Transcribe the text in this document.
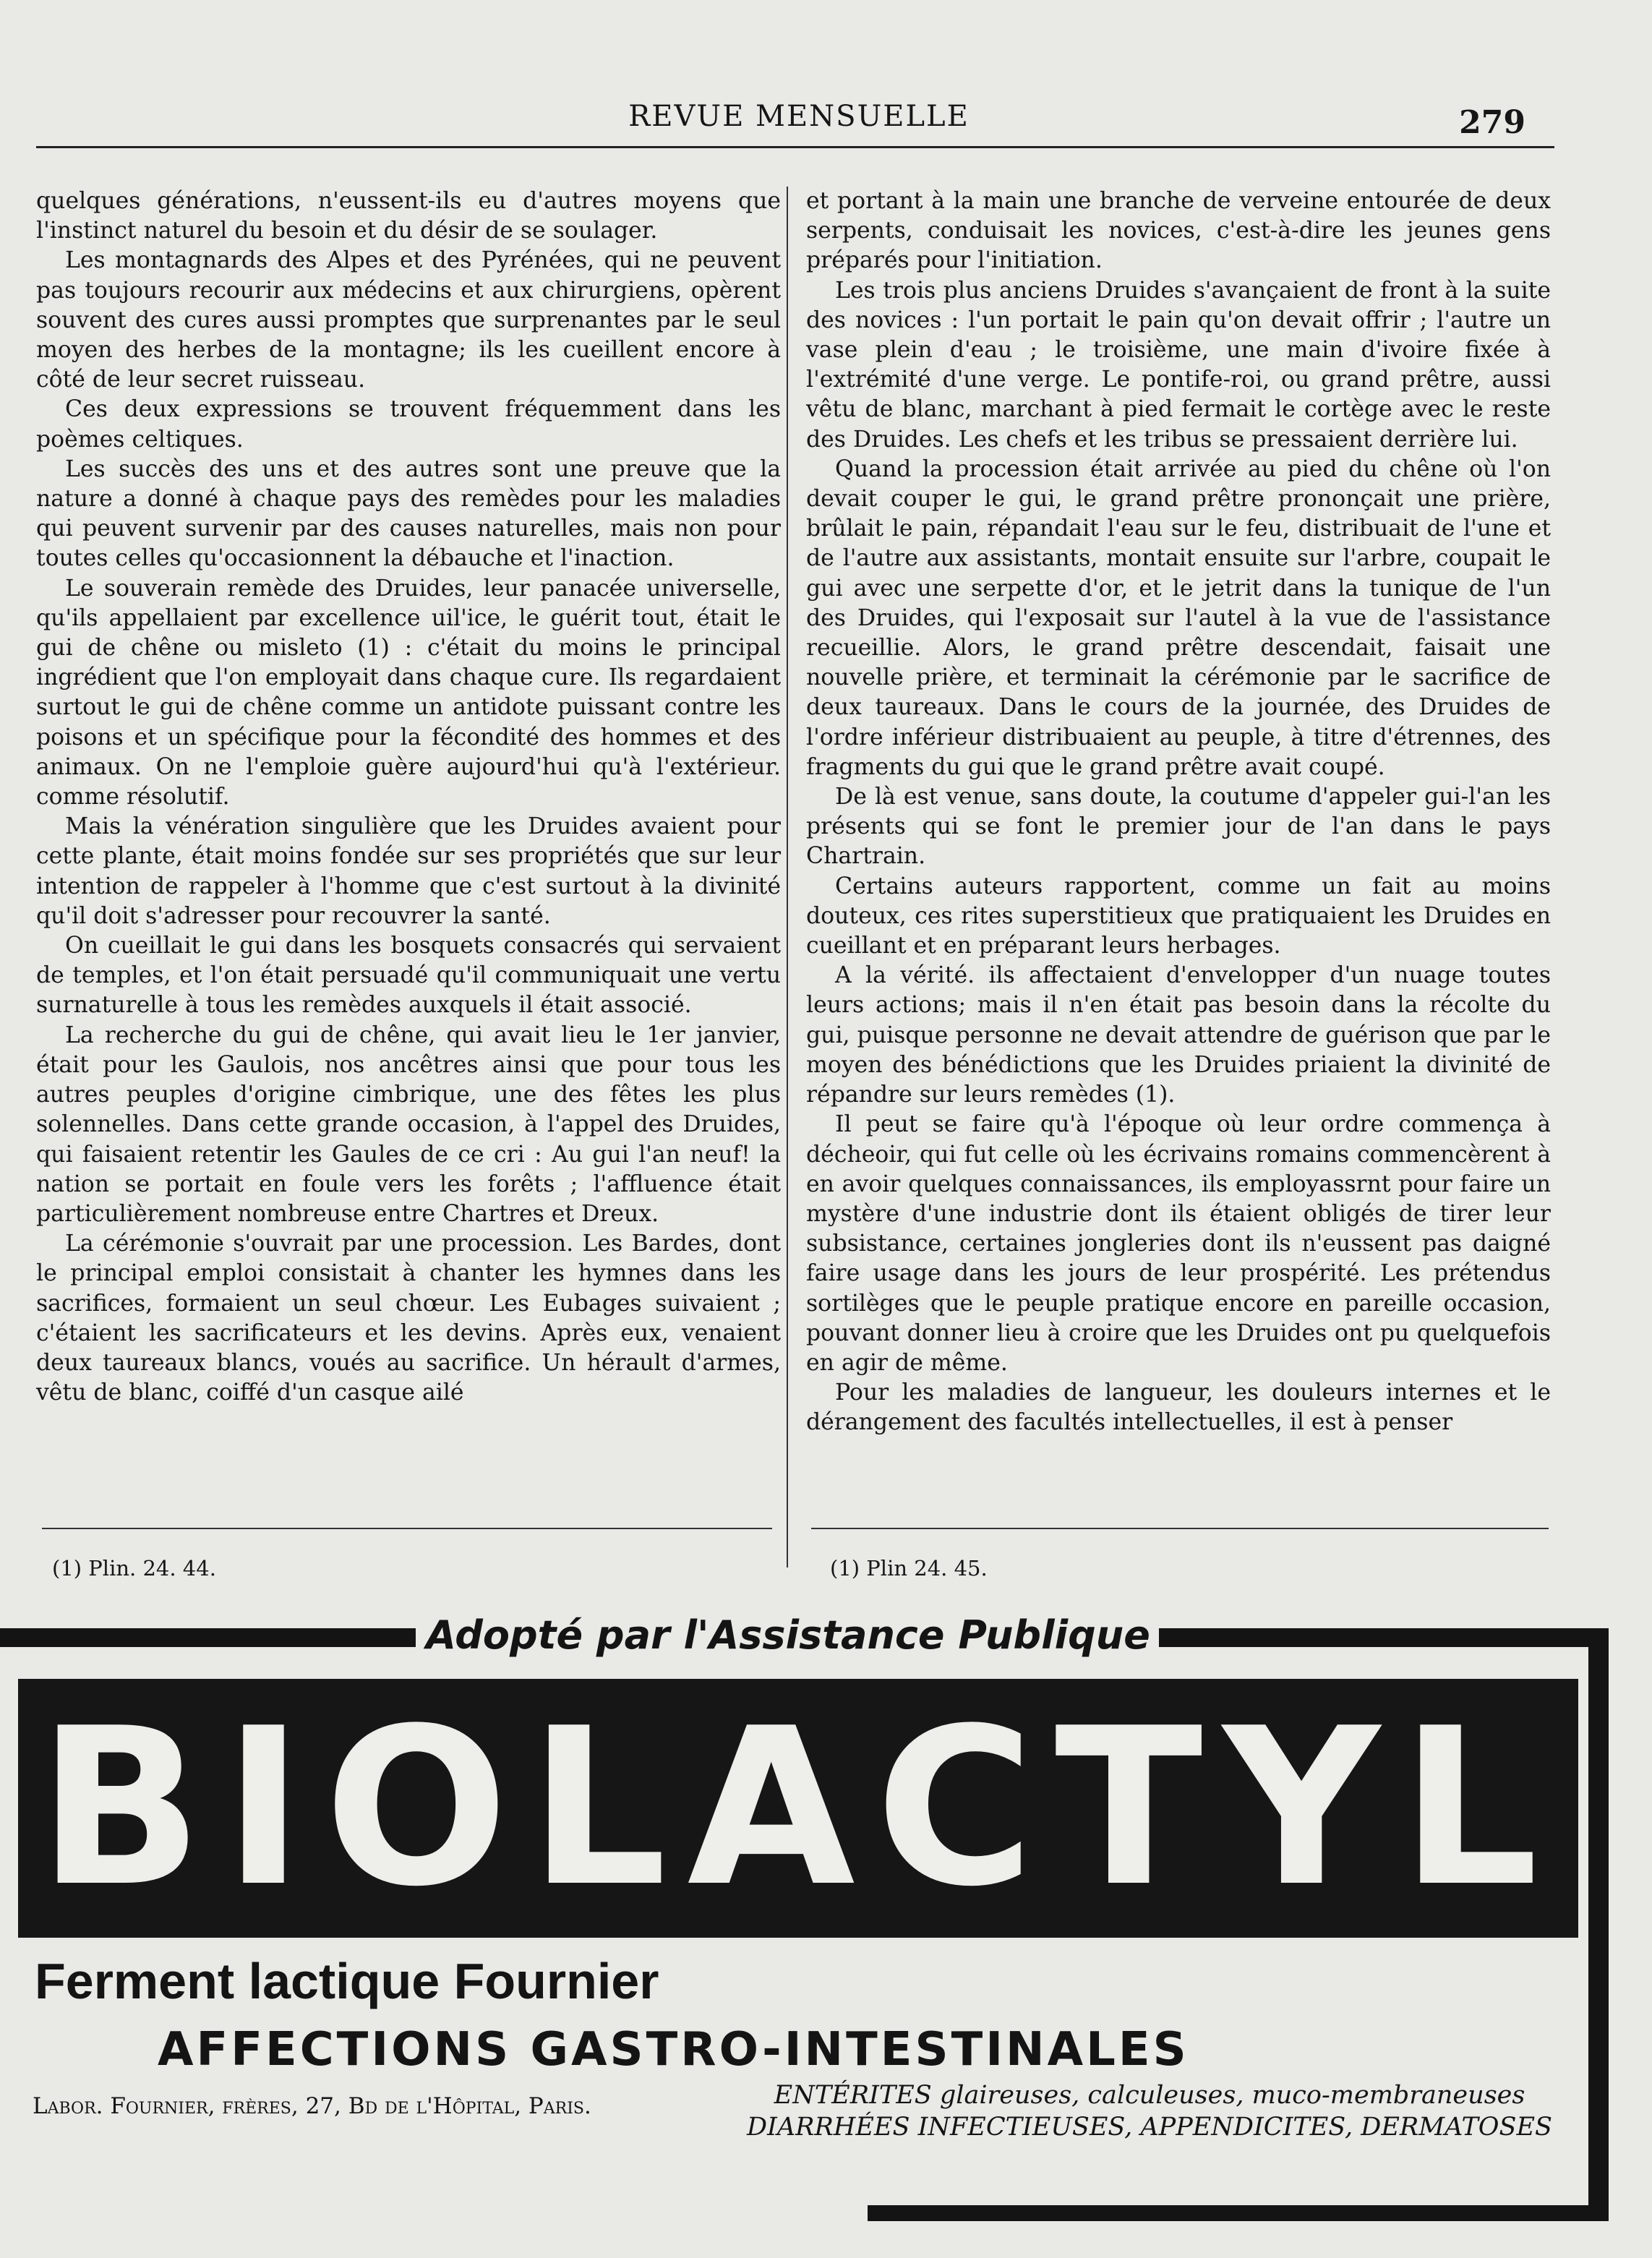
REVUE MENSUELLE	279

quelques générations, n'eussent-ils eu d'autres moyens que l'instinct naturel du besoin et du désir de se soulager.

Les montagnards des Alpes et des Pyrénées, qui ne peuvent pas toujours recourir aux médecins et aux chirurgiens, opèrent souvent des cures aussi promptes que surprenantes par le seul moyen des herbes de la montagne; ils les cueillent encore à côté de leur secret ruisseau.

Ces deux expressions se trouvent fréquemment dans les poèmes celtiques.

Les succès des uns et des autres sont une preuve que la nature a donné à chaque pays des remèdes pour les maladies qui peuvent survenir par des causes naturelles, mais non pour toutes celles qu'occasionnent la débauche et l'inaction.

Le souverain remède des Druides, leur panacée universelle, qu'ils appellaient par excellence uil'ice, le guérit tout, était le gui de chêne ou misleto (1) : c'était du moins le principal ingrédient que l'on employait dans chaque cure. Ils regardaient surtout le gui de chêne comme un antidote puissant contre les poisons et un spécifique pour la fécondité des hommes et des animaux. On ne l'emploie guère aujourd'hui qu'à l'extérieur. comme résolutif.

Mais la vénération singulière que les Druides avaient pour cette plante, était moins fondée sur ses propriétés que sur leur intention de rappeler à l'homme que c'est surtout à la divinité qu'il doit s'adresser pour recouvrer la santé.

On cueillait le gui dans les bosquets consacrés qui servaient de temples, et l'on était persuadé qu'il communiquait une vertu surnaturelle à tous les remèdes auxquels il était associé.

La recherche du gui de chêne, qui avait lieu le 1er janvier, était pour les Gaulois, nos ancêtres ainsi que pour tous les autres peuples d'origine cimbrique, une des fêtes les plus solennelles. Dans cette grande occasion, à l'appel des Druides, qui faisaient retentir les Gaules de ce cri : Au gui l'an neuf! la nation se portait en foule vers les forêts ; l'affluence était particulièrement nombreuse entre Chartres et Dreux.

La cérémonie s'ouvrait par une procession. Les Bardes, dont le principal emploi consistait à chanter les hymnes dans les sacrifices, formaient un seul chœur. Les Eubages suivaient ; c'étaient les sacrificateurs et les devins. Après eux, venaient deux taureaux blancs, voués au sacrifice. Un hérault d'armes, vêtu de blanc, coiffé d'un casque ailé

et portant à la main une branche de verveine entourée de deux serpents, conduisait les novices, c'est-à-dire les jeunes gens préparés pour l'initiation.

Les trois plus anciens Druides s'avançaient de front à la suite des novices : l'un portait le pain qu'on devait offrir ; l'autre un vase plein d'eau ; le troisième, une main d'ivoire fixée à l'extrémité d'une verge. Le pontife-roi, ou grand prêtre, aussi vêtu de blanc, marchant à pied fermait le cortège avec le reste des Druides. Les chefs et les tribus se pressaient derrière lui.

Quand la procession était arrivée au pied du chêne où l'on devait couper le gui, le grand prêtre prononçait une prière, brûlait le pain, répandait l'eau sur le feu, distribuait de l'une et de l'autre aux assistants, montait ensuite sur l'arbre, coupait le gui avec une serpette d'or, et le jetrit dans la tunique de l'un des Druides, qui l'exposait sur l'autel à la vue de l'assistance recueillie. Alors, le grand prêtre descendait, faisait une nouvelle prière, et terminait la cérémonie par le sacrifice de deux taureaux. Dans le cours de la journée, des Druides de l'ordre inférieur distribuaient au peuple, à titre d'étrennes, des fragments du gui que le grand prêtre avait coupé.

De là est venue, sans doute, la coutume d'appeler gui-l'an les présents qui se font le premier jour de l'an dans le pays Chartrain.

Certains auteurs rapportent, comme un fait au moins douteux, ces rites superstitieux que pratiquaient les Druides en cueillant et en préparant leurs herbages.

A la vérité. ils affectaient d'envelopper d'un nuage toutes leurs actions; mais il n'en était pas besoin dans la récolte du gui, puisque personne ne devait attendre de guérison que par le moyen des bénédictions que les Druides priaient la divinité de répandre sur leurs remèdes (1).

Il peut se faire qu'à l'époque où leur ordre commença à décheoir, qui fut celle où les écrivains romains commencèrent à en avoir quelques connaissances, ils employassrnt pour faire un mystère d'une industrie dont ils étaient obligés de tirer leur subsistance, certaines jongleries dont ils n'eussent pas daigné faire usage dans les jours de leur prospérité. Les prétendus sortilèges que le peuple pratique encore en pareille occasion, pouvant donner lieu à croire que les Druides ont pu quelquefois en agir de même.

Pour les maladies de langueur, les douleurs internes et le dérangement des facultés intellectuelles, il est à penser

(1) Plin. 24. 44.	(1) Plin 24. 45.
Adopté par l'Assistance Publique
BIOLACTYL
Ferment lactique Fournier
AFFECTIONS GASTRO-INTESTINALES
Labor. Fournier, frères, 27, Bd de l'Hôpital, Paris.	ENTÉRITES glaireuses, calculeuses, muco-membraneuses
DIARRHÉES INFECTIEUSES, APPENDICITES, DERMATOSES
